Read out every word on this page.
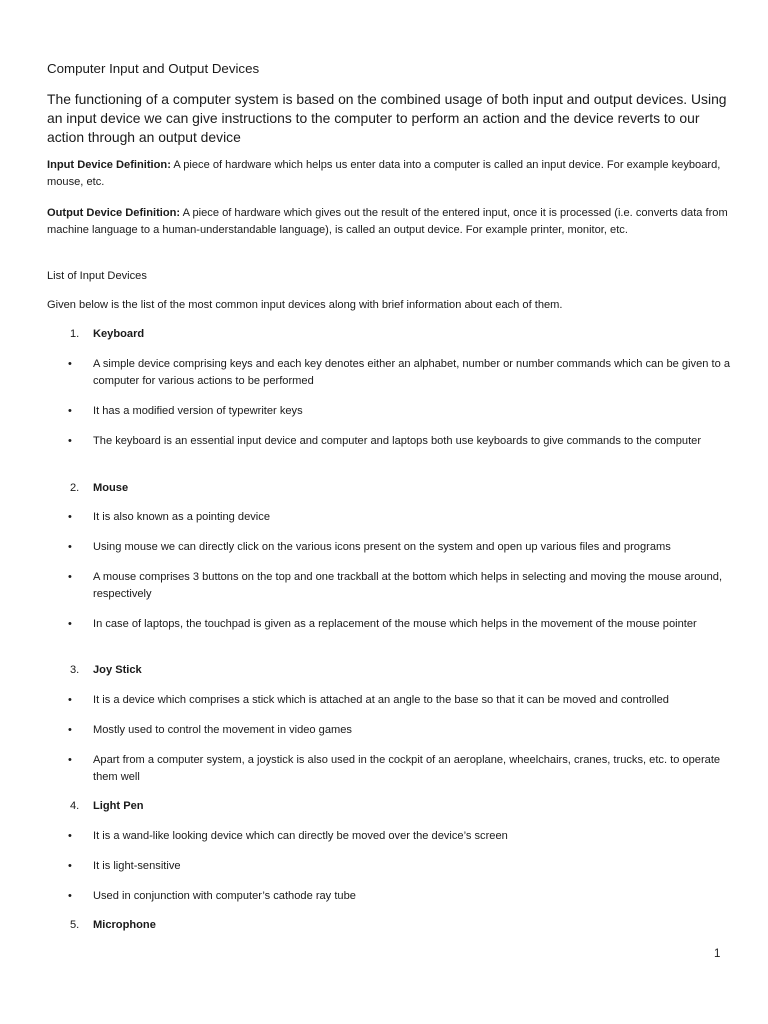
Computer Input and Output Devices

The functioning of a computer system is based on the combined usage of both input and output devices. Using an input device we can give instructions to the computer to perform an action and the device reverts to our action through an output device

Input Device Definition: A piece of hardware which helps us enter data into a computer is called an input device. For example keyboard, mouse, etc.

Output Device Definition: A piece of hardware which gives out the result of the entered input, once it is processed (i.e. converts data from machine language to a human-understandable language), is called an output device. For example printer, monitor, etc.

List of Input Devices

Given below is the list of the most common input devices along with brief information about each of them.

1. Keyboard
• A simple device comprising keys and each key denotes either an alphabet, number or number commands which can be given to a computer for various actions to be performed
• It has a modified version of typewriter keys
• The keyboard is an essential input device and computer and laptops both use keyboards to give commands to the computer
2. Mouse
• It is also known as a pointing device
• Using mouse we can directly click on the various icons present on the system and open up various files and programs
• A mouse comprises 3 buttons on the top and one trackball at the bottom which helps in selecting and moving the mouse around, respectively
• In case of laptops, the touchpad is given as a replacement of the mouse which helps in the movement of the mouse pointer
3. Joy Stick
• It is a device which comprises a stick which is attached at an angle to the base so that it can be moved and controlled
• Mostly used to control the movement in video games
• Apart from a computer system, a joystick is also used in the cockpit of an aeroplane, wheelchairs, cranes, trucks, etc. to operate them well
4. Light Pen
• It is a wand-like looking device which can directly be moved over the device’s screen
• It is light-sensitive
• Used in conjunction with computer’s cathode ray tube
5. Microphone
1
